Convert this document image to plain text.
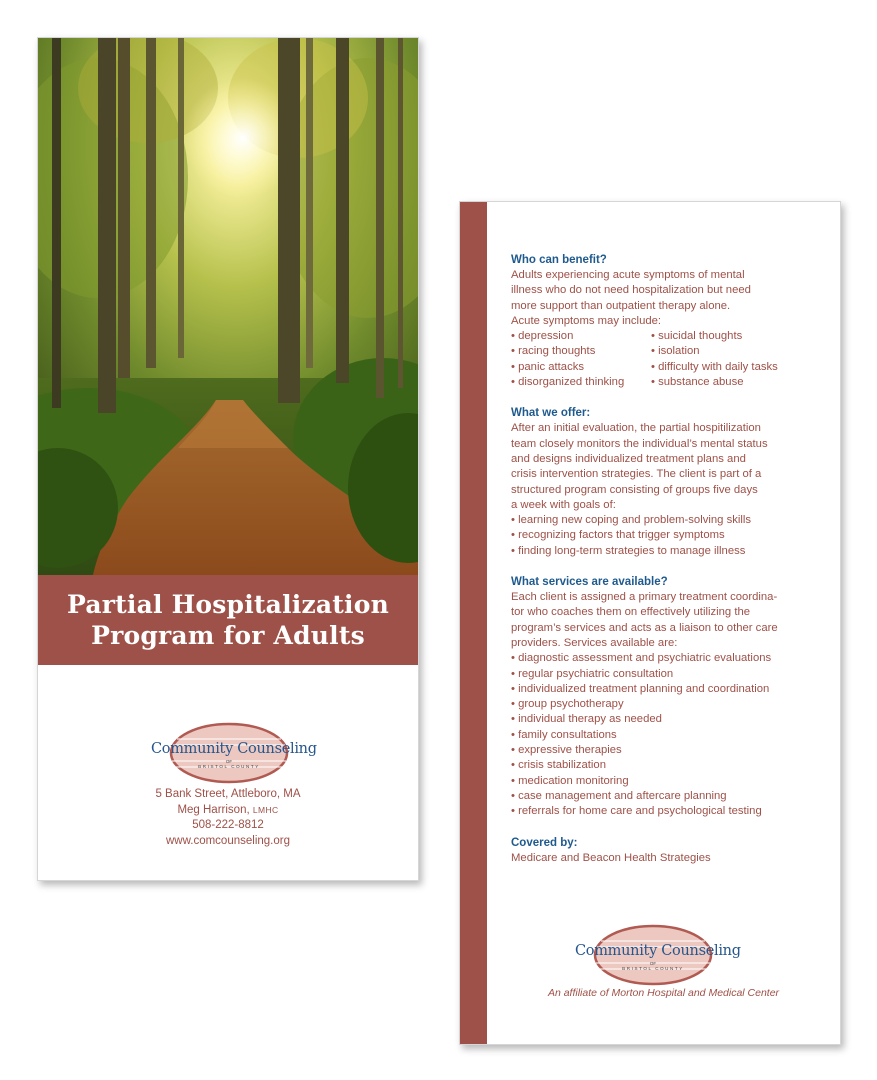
Partial Hospitalization
Program for Adults
Community Counseling
OF
BRISTOL COUNTY
5 Bank Street, Attleboro, MA
Meg Harrison, LMHC
508-222-8812
www.comcounseling.org
Who can benefit?
Adults experiencing acute symptoms of mental
illness who do not need hospitalization but need
more support than outpatient therapy alone.
Acute symptoms may include:
• depression
• racing thoughts
• panic attacks
• disorganized thinking
• suicidal thoughts
• isolation
• difficulty with daily tasks
• substance abuse
What we offer:
After an initial evaluation, the partial hospitilization
team closely monitors the individual’s mental status
and designs individualized treatment plans and
crisis intervention strategies. The client is part of a
structured program consisting of groups five days
a week with goals of:
• learning new coping and problem-solving skills
• recognizing factors that trigger symptoms
• finding long-term strategies to manage illness
What services are available?
Each client is assigned a primary treatment coordina-
tor who coaches them on effectively utilizing the
program’s services and acts as a liaison to other care
providers. Services available are:
• diagnostic assessment and psychiatric evaluations
• regular psychiatric consultation
• individualized treatment planning and coordination
• group psychotherapy
• individual therapy as needed
• family consultations
• expressive therapies
• crisis stabilization
• medication monitoring
• case management and aftercare planning
• referrals for home care and psychological testing
Covered by:
Medicare and Beacon Health Strategies
Community Counseling
OF
BRISTOL COUNTY
An affiliate of Morton Hospital and Medical Center
